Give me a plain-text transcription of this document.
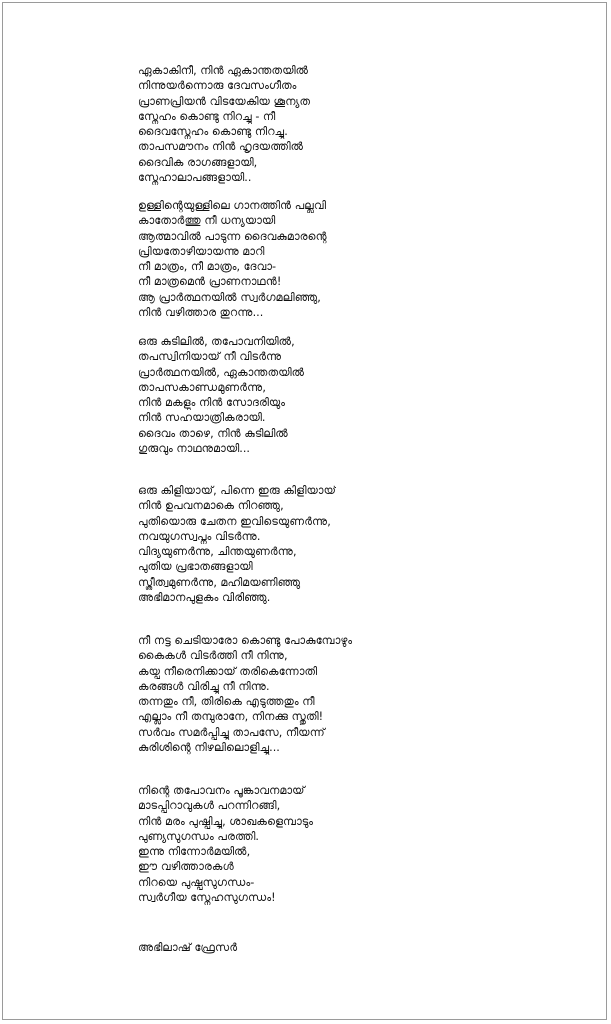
ഏകാകിനീ, നിൻ ഏകാന്തതയിൽ
നിന്നുയർന്നൊരു ദേവസംഗീതം
പ്രാണപ്രിയൻ വിടയേകിയ ശൂന്യത
സ്നേഹം കൊണ്ടു നിറച്ചു - നീ
ദൈവസ്നേഹം കൊണ്ടു നിറച്ചു.
താപസമൗനം നിൻ ഹൃദയത്തിൽ
ദൈവിക രാഗങ്ങളായി,
സ്നേഹാലാപങ്ങളായി..
ഉള്ളിന്റെയുള്ളിലെ ഗാനത്തിൻ പല്ലവി
കാതോർത്തു നീ ധന്യയായി
ആത്മാവിൽ പാടുന്ന ദൈവകുമാരന്റെ
പ്രിയതോഴിയായന്നു മാറി
നീ മാത്രം, നീ മാത്രം, ദേവാ-
നീ മാത്രമെൻ പ്രാണനാഥൻ!
ആ പ്രാർത്ഥനയിൽ സ്വർഗമലിഞ്ഞു,
നിൻ വഴിത്താര തുറന്നു...
ഒരു കുടിലിൽ, തപോവനിയിൽ,
തപസ്വിനിയായ് നീ വിടർന്നു
പ്രാർത്ഥനയിൽ, ഏകാന്തതയിൽ
താപസകാണ്ഡമുണർന്നു,
നിൻ മകളും നിൻ സോദരിയും
നിൻ സഹയാത്രികരായി.
ദൈവം താഴെ, നിൻ കുടിലിൽ
ഗുരുവും നാഥനുമായി...
ഒരു കിളിയായ്, പിന്നെ ഇരു കിളിയായ്
നിൻ ഉപവനമാകെ നിറഞ്ഞു,
പുതിയൊരു ചേതന ഇവിടെയുണർന്നു,
നവയുഗസ്വപ്നം വിടർന്നു.
വിദ്യയുണർന്നു, ചിന്തയുണർന്നു,
പുതിയ പ്രഭാതങ്ങളായി
സ്ത്രീത്വമുണർന്നു, മഹിമയണിഞ്ഞു
അഭിമാനപുളകം വിരിഞ്ഞു.
നീ നട്ട ചെടിയാരോ കൊണ്ടു പോകുമ്പോഴും
കൈകൾ വിടർത്തി നീ നിന്നു,
കയ്പു നീരെനിക്കായ് തരികെന്നോതി
കരങ്ങൾ വിരിച്ചു നീ നിന്നു.
തന്നതും നീ, തിരികെ എടുത്തതും നീ
എല്ലാം നീ തമ്പുരാനേ, നിനക്കു സ്തുതി!
സർവം സമർപ്പിച്ചു താപസേ, നീയന്ന്
കുരിശിന്റെ നിഴലിലൊളിച്ചു...
നിന്റെ തപോവനം പൂങ്കാവനമായ്
മാടപ്പിറാവുകൾ പറന്നിറങ്ങി,
നിൻ മരം പുഷ്പിച്ചു, ശാഖകളെമ്പാടും
പുണ്യസുഗന്ധം പരത്തി.
ഇന്നു നിന്നോർമയിൽ,
ഈ വഴിത്താരകൾ
നിറയെ പുഷ്പസുഗന്ധം-
സ്വർഗീയ സ്നേഹസുഗന്ധം!
അഭിലാഷ് ഫ്രേസർ
